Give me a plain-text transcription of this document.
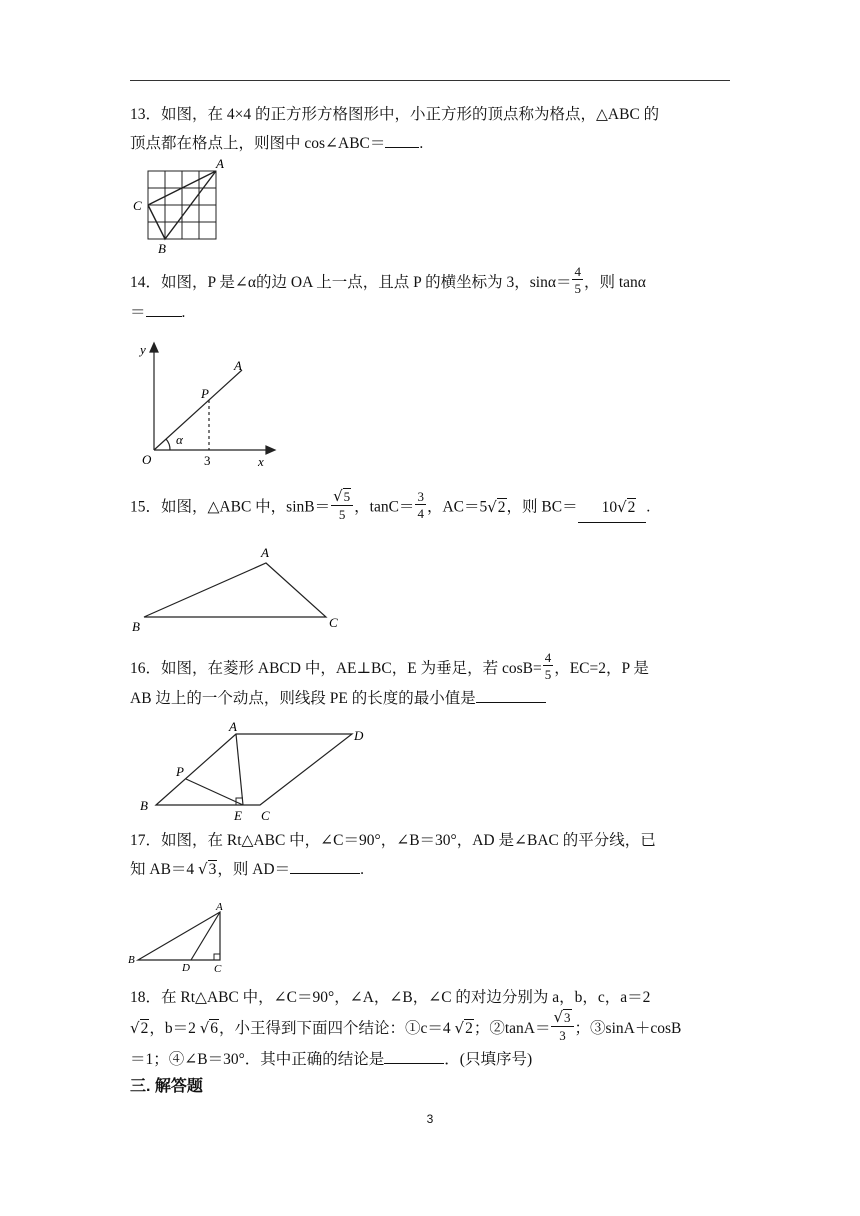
13．如图，在 4×4 的正方形方格图形中，小正方形的顶点称为格点，△ABC 的
顶点都在格点上，则图中 cos∠ABC＝ .
A
C
B
14．如图，P 是∠α的边 OA 上一点，且点 P 的横坐标为 3，$\sin\alpha= \frac{4}{5}$ ，则 tanα
＝ .
y
x
O
A
P
α
3
15．如图，△ABC 中，$\sin B= \frac{√5}{5}$ ，$\tan C= \frac{3}{4}$ ，AC＝5√2，则 BC＝ 10√2 .
A
B	C
16．如图，在菱形 ABCD 中，AE⊥BC，E 为垂足，若 $\cos B= \frac{4}{5}$ ，EC=2，P 是
AB 边上的一个动点，则线段 PE 的长度的最小值是
A
D
P
B
E C
17．如图，在 Rt△ABC 中，∠C＝90°，∠B＝30°，AD 是∠BAC 的平分线，已
知 AB＝4 √3，则 AD＝	.
A
B
D C
18．在 Rt△ABC 中，∠C＝90°，∠A，∠B，∠C 的对边分别为 a，b，c，a＝2
√2，b＝2 √6，小王得到下面四个结论：①c＝4 √2；②tanA＝ $\frac{√3}{3}$ ；③sinA＋cosB
＝1；④∠B＝30°．其中正确的结论是	．(只填序号)
三. 解答题
3
